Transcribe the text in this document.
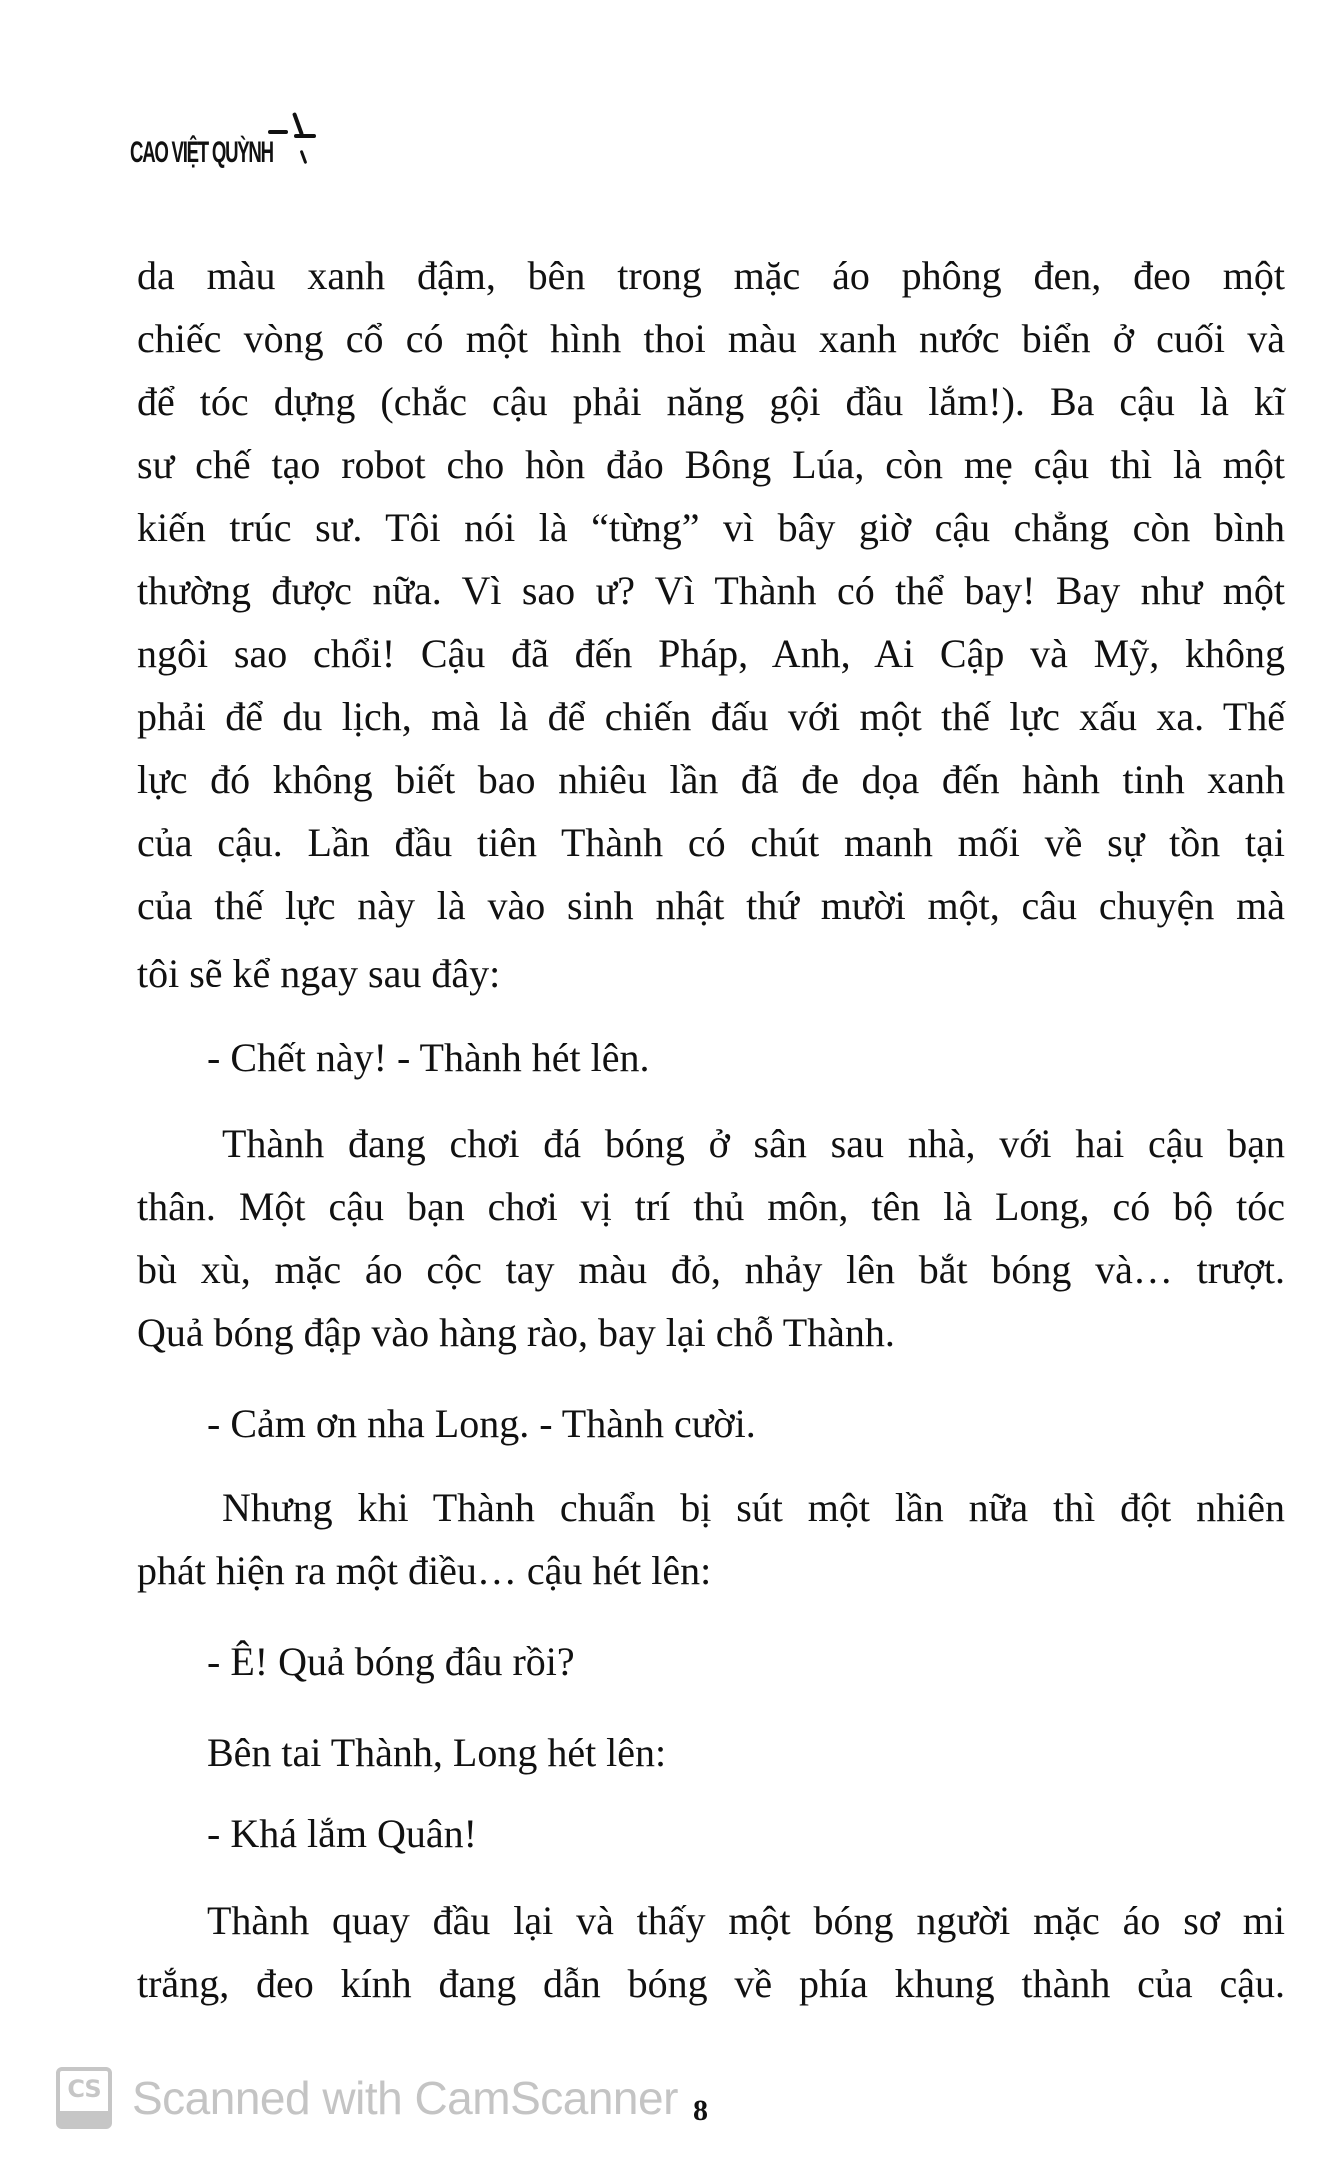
CAO VIỆT QUỲNH
da màu xanh đậm, bên trong mặc áo phông đen, đeo một
chiếc vòng cổ có một hình thoi màu xanh nước biển ở cuối và
để tóc dựng (chắc cậu phải năng gội đầu lắm!). Ba cậu là kĩ
sư chế tạo robot cho hòn đảo Bông Lúa, còn mẹ cậu thì là một
kiến trúc sư. Tôi nói là “từng” vì bây giờ cậu chẳng còn bình
thường được nữa. Vì sao ư? Vì Thành có thể bay! Bay như một
ngôi sao chổi! Cậu đã đến Pháp, Anh, Ai Cập và Mỹ, không
phải để du lịch, mà là để chiến đấu với một thế lực xấu xa. Thế
lực đó không biết bao nhiêu lần đã đe dọa đến hành tinh xanh
của cậu. Lần đầu tiên Thành có chút manh mối về sự tồn tại
của thế lực này là vào sinh nhật thứ mười một, câu chuyện mà
tôi sẽ kể ngay sau đây:
- Chết này! - Thành hét lên.
Thành đang chơi đá bóng ở sân sau nhà, với hai cậu bạn
thân. Một cậu bạn chơi vị trí thủ môn, tên là Long, có bộ tóc
bù xù, mặc áo cộc tay màu đỏ, nhảy lên bắt bóng và… trượt.
Quả bóng đập vào hàng rào, bay lại chỗ Thành.
- Cảm ơn nha Long. - Thành cười.
Nhưng khi Thành chuẩn bị sút một lần nữa thì đột nhiên
phát hiện ra một điều… cậu hét lên:
- Ê! Quả bóng đâu rồi?
Bên tai Thành, Long hét lên:
- Khá lắm Quân!
Thành quay đầu lại và thấy một bóng người mặc áo sơ mi
trắng, đeo kính đang dẫn bóng về phía khung thành của cậu.
CS Scanned with CamScanner 8
